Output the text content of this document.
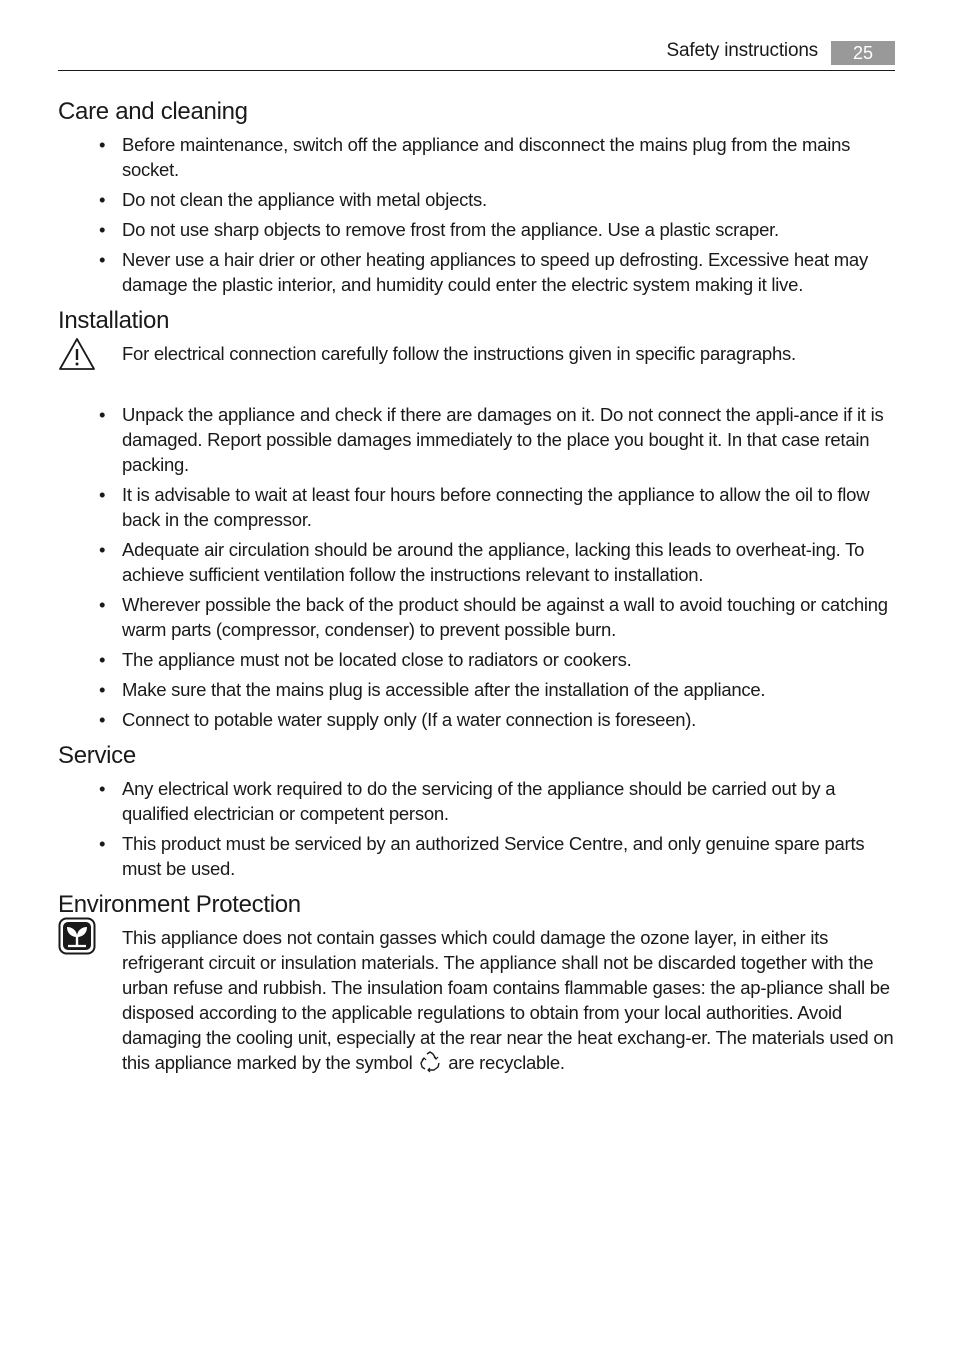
Safety instructions	25
Care and cleaning
• Before maintenance, switch off the appliance and disconnect the mains plug from the mains socket.
• Do not clean the appliance with metal objects.
• Do not use sharp objects to remove frost from the appliance. Use a plastic scraper.
• Never use a hair drier or other heating appliances to speed up defrosting. Excessive heat may damage the plastic interior, and humidity could enter the electric system making it live.
Installation
For electrical connection carefully follow the instructions given in specific paragraphs.
• Unpack the appliance and check if there are damages on it. Do not connect the appli-ance if it is damaged. Report possible damages immediately to the place you bought it. In that case retain packing.
• It is advisable to wait at least four hours before connecting the appliance to allow the oil to flow back in the compressor.
• Adequate air circulation should be around the appliance, lacking this leads to overheat-ing. To achieve sufficient ventilation follow the instructions relevant to installation.
• Wherever possible the back of the product should be against a wall to avoid touching or catching warm parts (compressor, condenser) to prevent possible burn.
• The appliance must not be located close to radiators or cookers.
• Make sure that the mains plug is accessible after the installation of the appliance.
• Connect to potable water supply only (If a water connection is foreseen).
Service
• Any electrical work required to do the servicing of the appliance should be carried out by a qualified electrician or competent person.
• This product must be serviced by an authorized Service Centre, and only genuine spare parts must be used.
Environment Protection
This appliance does not contain gasses which could damage the ozone layer, in either its refrigerant circuit or insulation materials. The appliance shall not be discarded together with the urban refuse and rubbish. The insulation foam contains flammable gases: the ap-pliance shall be disposed according to the applicable regulations to obtain from your local authorities. Avoid damaging the cooling unit, especially at the rear near the heat exchang-er. The materials used on this appliance marked by the symbol are recyclable.
